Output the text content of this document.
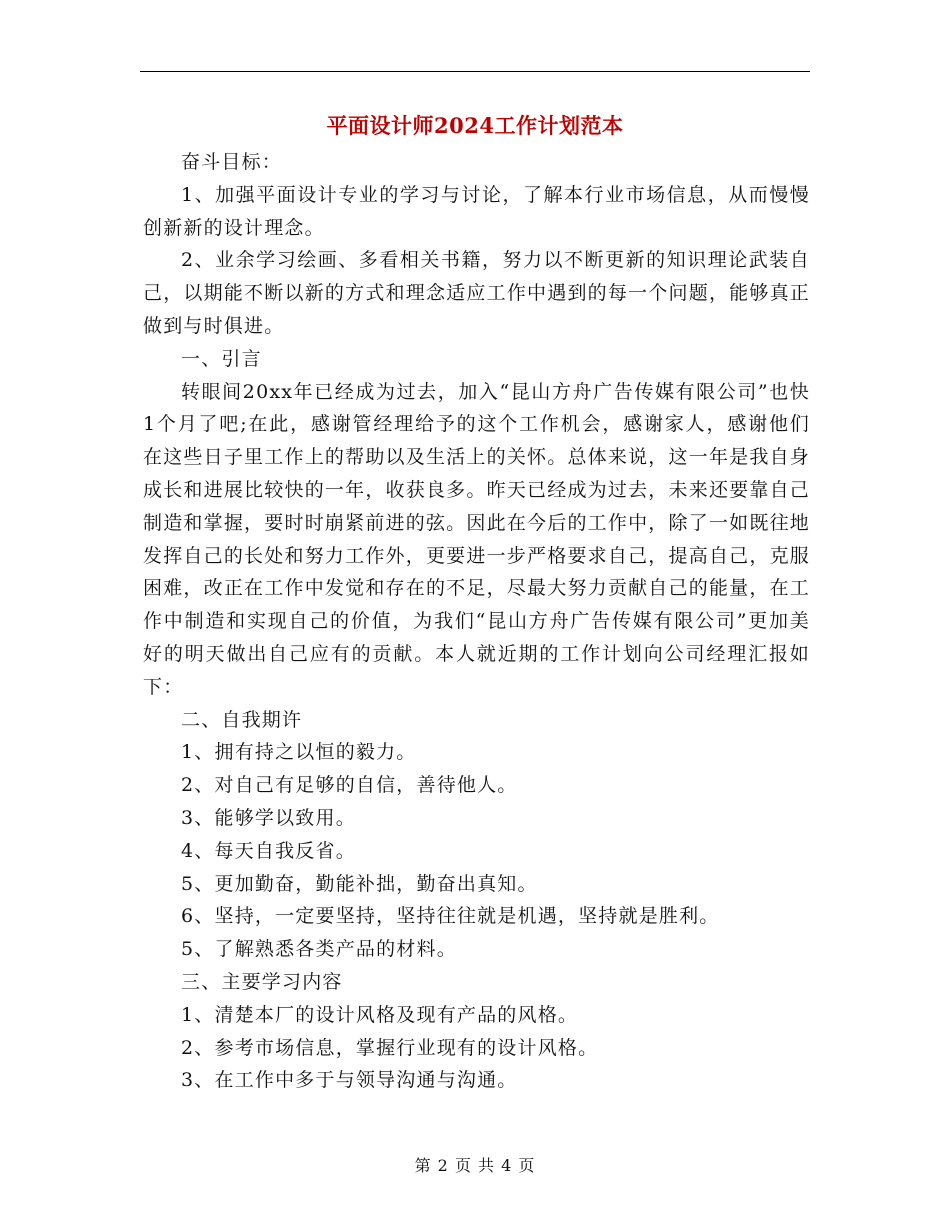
平面设计师2024工作计划范本

奋斗目标：

1、加强平面设计专业的学习与讨论，了解本行业市场信息，从而慢慢创新新的设计理念。

2、业余学习绘画、多看相关书籍，努力以不断更新的知识理论武装自己，以期能不断以新的方式和理念适应工作中遇到的每一个问题，能够真正做到与时俱进。

一、引言

转眼间20xx年已经成为过去，加入“昆山方舟广告传媒有限公司”也快1个月了吧;在此，感谢管经理给予的这个工作机会，感谢家人，感谢他们在这些日子里工作上的帮助以及生活上的关怀。总体来说，这一年是我自身成长和进展比较快的一年，收获良多。昨天已经成为过去，未来还要靠自己制造和掌握，要时时崩紧前进的弦。因此在今后的工作中，除了一如既往地发挥自己的长处和努力工作外，更要进一步严格要求自己，提高自己，克服困难，改正在工作中发觉和存在的不足，尽最大努力贡献自己的能量，在工作中制造和实现自己的价值，为我们“昆山方舟广告传媒有限公司”更加美好的明天做出自己应有的贡献。本人就近期的工作计划向公司经理汇报如下：

二、自我期许

1、拥有持之以恒的毅力。

2、对自己有足够的自信，善待他人。

3、能够学以致用。

4、每天自我反省。

5、更加勤奋，勤能补拙，勤奋出真知。

6、坚持，一定要坚持，坚持往往就是机遇，坚持就是胜利。

5、了解熟悉各类产品的材料。

三、主要学习内容

1、清楚本厂的设计风格及现有产品的风格。

2、参考市场信息，掌握行业现有的设计风格。

3、在工作中多于与领导沟通与沟通。

第 2 页 共 4 页
